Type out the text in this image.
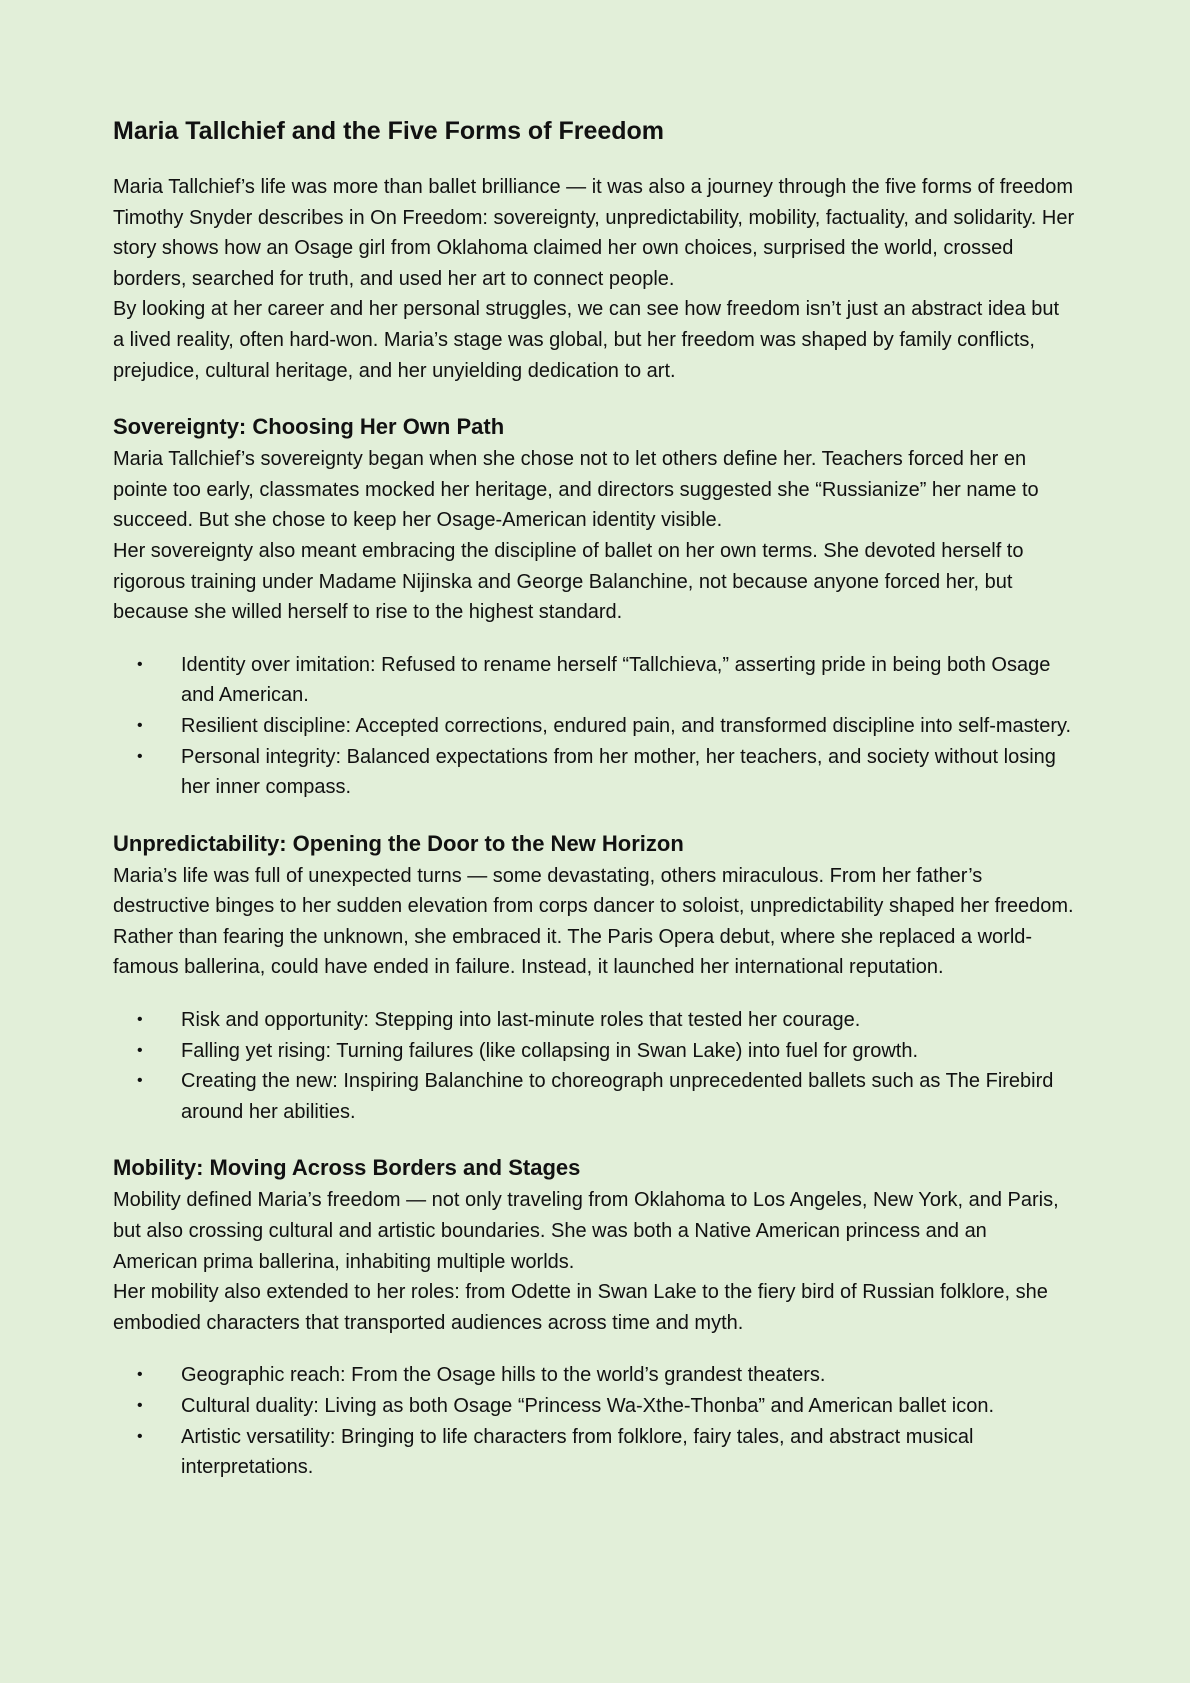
Maria Tallchief and the Five Forms of Freedom

Maria Tallchief’s life was more than ballet brilliance — it was also a journey through the five forms of freedom Timothy Snyder describes in On Freedom: sovereignty, unpredictability, mobility, factuality, and solidarity. Her story shows how an Osage girl from Oklahoma claimed her own choices, surprised the world, crossed borders, searched for truth, and used her art to connect people.

By looking at her career and her personal struggles, we can see how freedom isn’t just an abstract idea but a lived reality, often hard-won. Maria’s stage was global, but her freedom was shaped by family conflicts, prejudice, cultural heritage, and her unyielding dedication to art.

Sovereignty: Choosing Her Own Path

Maria Tallchief’s sovereignty began when she chose not to let others define her. Teachers forced her en pointe too early, classmates mocked her heritage, and directors suggested she “Russianize” her name to succeed. But she chose to keep her Osage-American identity visible.

Her sovereignty also meant embracing the discipline of ballet on her own terms. She devoted herself to rigorous training under Madame Nijinska and George Balanchine, not because anyone forced her, but because she willed herself to rise to the highest standard.

• Identity over imitation: Refused to rename herself “Tallchieva,” asserting pride in being both Osage and American.
• Resilient discipline: Accepted corrections, endured pain, and transformed discipline into self-mastery.
• Personal integrity: Balanced expectations from her mother, her teachers, and society without losing her inner compass.
Unpredictability: Opening the Door to the New Horizon

Maria’s life was full of unexpected turns — some devastating, others miraculous. From her father’s destructive binges to her sudden elevation from corps dancer to soloist, unpredictability shaped her freedom.

Rather than fearing the unknown, she embraced it. The Paris Opera debut, where she replaced a world-famous ballerina, could have ended in failure. Instead, it launched her international reputation.

• Risk and opportunity: Stepping into last-minute roles that tested her courage.
• Falling yet rising: Turning failures (like collapsing in Swan Lake) into fuel for growth.
• Creating the new: Inspiring Balanchine to choreograph unprecedented ballets such as The Firebird around her abilities.
Mobility: Moving Across Borders and Stages

Mobility defined Maria’s freedom — not only traveling from Oklahoma to Los Angeles, New York, and Paris, but also crossing cultural and artistic boundaries. She was both a Native American princess and an American prima ballerina, inhabiting multiple worlds.

Her mobility also extended to her roles: from Odette in Swan Lake to the fiery bird of Russian folklore, she embodied characters that transported audiences across time and myth.

• Geographic reach: From the Osage hills to the world’s grandest theaters.
• Cultural duality: Living as both Osage “Princess Wa-Xthe-Thonba” and American ballet icon.
• Artistic versatility: Bringing to life characters from folklore, fairy tales, and abstract musical interpretations.
